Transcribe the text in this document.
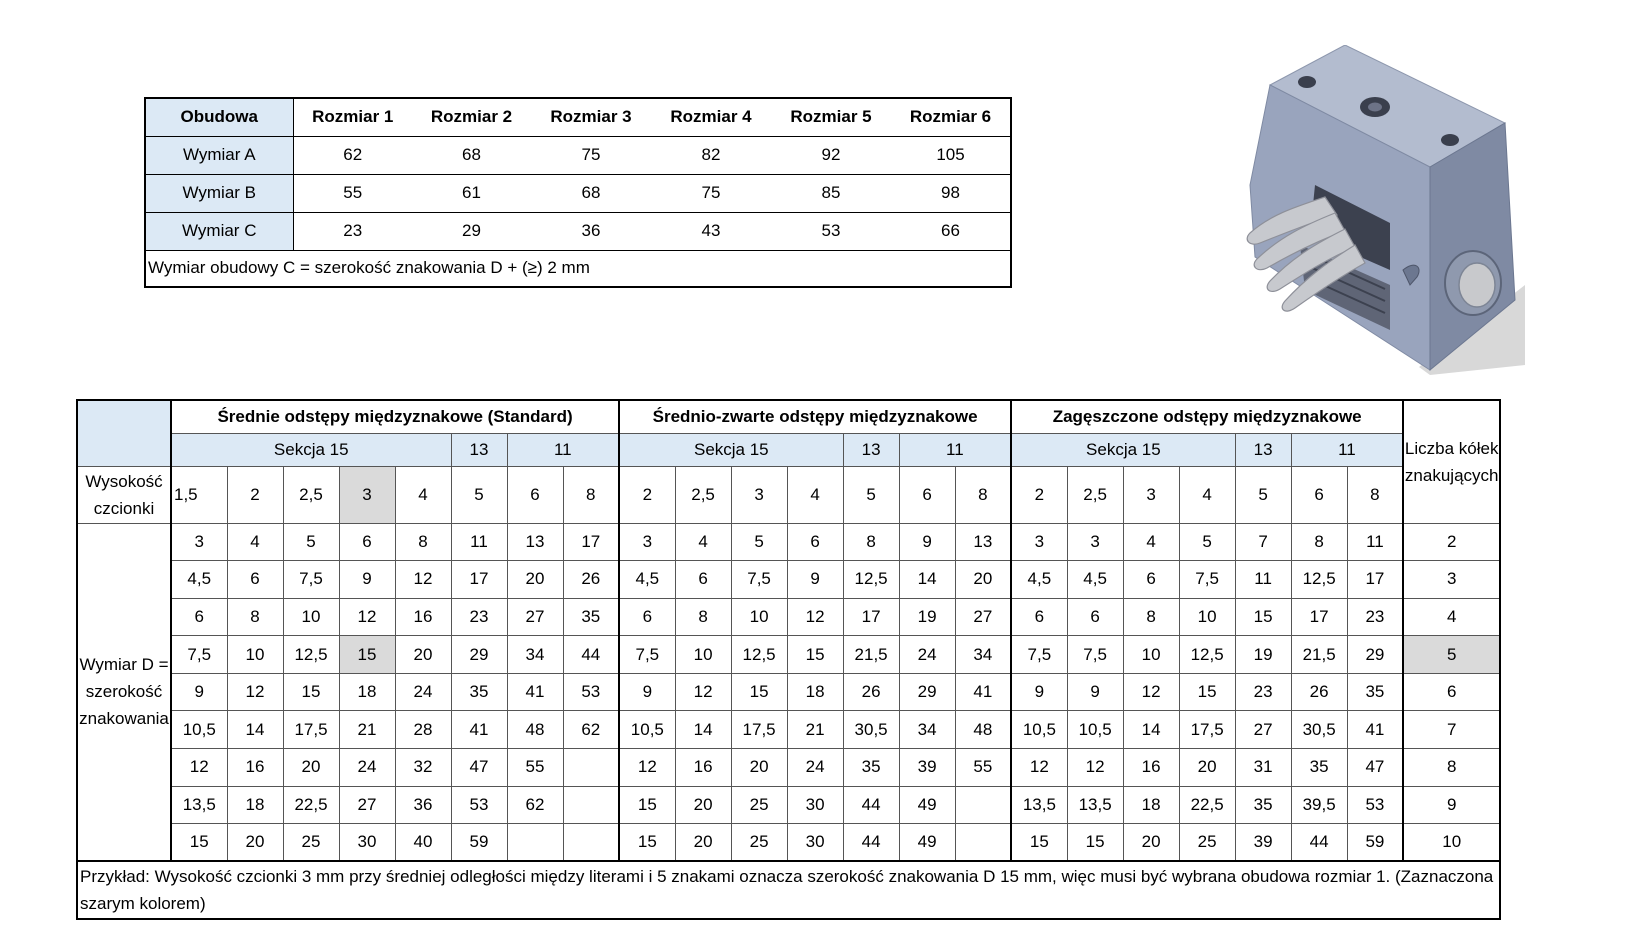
Obudowa	Rozmiar 1	Rozmiar 2	Rozmiar 3	Rozmiar 4	Rozmiar 5	Rozmiar 6
Wymiar A	62	68	75	82	92	105
Wymiar B	55	61	68	75	85	98
Wymiar C	23	29	36	43	53	66
Wymiar obudowy C = szerokość znakowania D + (≥) 2 mm						
	Średnie odstępy międzyznakowe (Standard)								Średnio-zwarte odstępy międzyznakowe							Zagęszczone odstępy międzyznakowe							Liczba kółek znakujących
	Sekcja 15					13	11		Sekcja 15				13	11		Sekcja 15				13	11		
Wysokość czcionki	1,5	2	2,5	3	4	5	6	8	2	2,5	3	4	5	6	8	2	2,5	3	4	5	6	8	
Wymiar D = szerokość znakowania	3	4	5	6	8	11	13	17	3	4	5	6	8	9	13	3	3	4	5	7	8	11	2
	4,5	6	7,5	9	12	17	20	26	4,5	6	7,5	9	12,5	14	20	4,5	4,5	6	7,5	11	12,5	17	3
	6	8	10	12	16	23	27	35	6	8	10	12	17	19	27	6	6	8	10	15	17	23	4
	7,5	10	12,5	15	20	29	34	44	7,5	10	12,5	15	21,5	24	34	7,5	7,5	10	12,5	19	21,5	29	5
	9	12	15	18	24	35	41	53	9	12	15	18	26	29	41	9	9	12	15	23	26	35	6
	10,5	14	17,5	21	28	41	48	62	10,5	14	17,5	21	30,5	34	48	10,5	10,5	14	17,5	27	30,5	41	7
	12	16	20	24	32	47	55		12	16	20	24	35	39	55	12	12	16	20	31	35	47	8
	13,5	18	22,5	27	36	53	62		15	20	25	30	44	49		13,5	13,5	18	22,5	35	39,5	53	9
	15	20	25	30	40	59			15	20	25	30	44	49		15	15	20	25	39	44	59	10
Przykład: Wysokość czcionki 3 mm przy średniej odległości między literami i 5 znakami oznacza szerokość znakowania D 15 mm, więc musi być wybrana obudowa rozmiar 1. (Zaznaczona szarym kolorem)																							
